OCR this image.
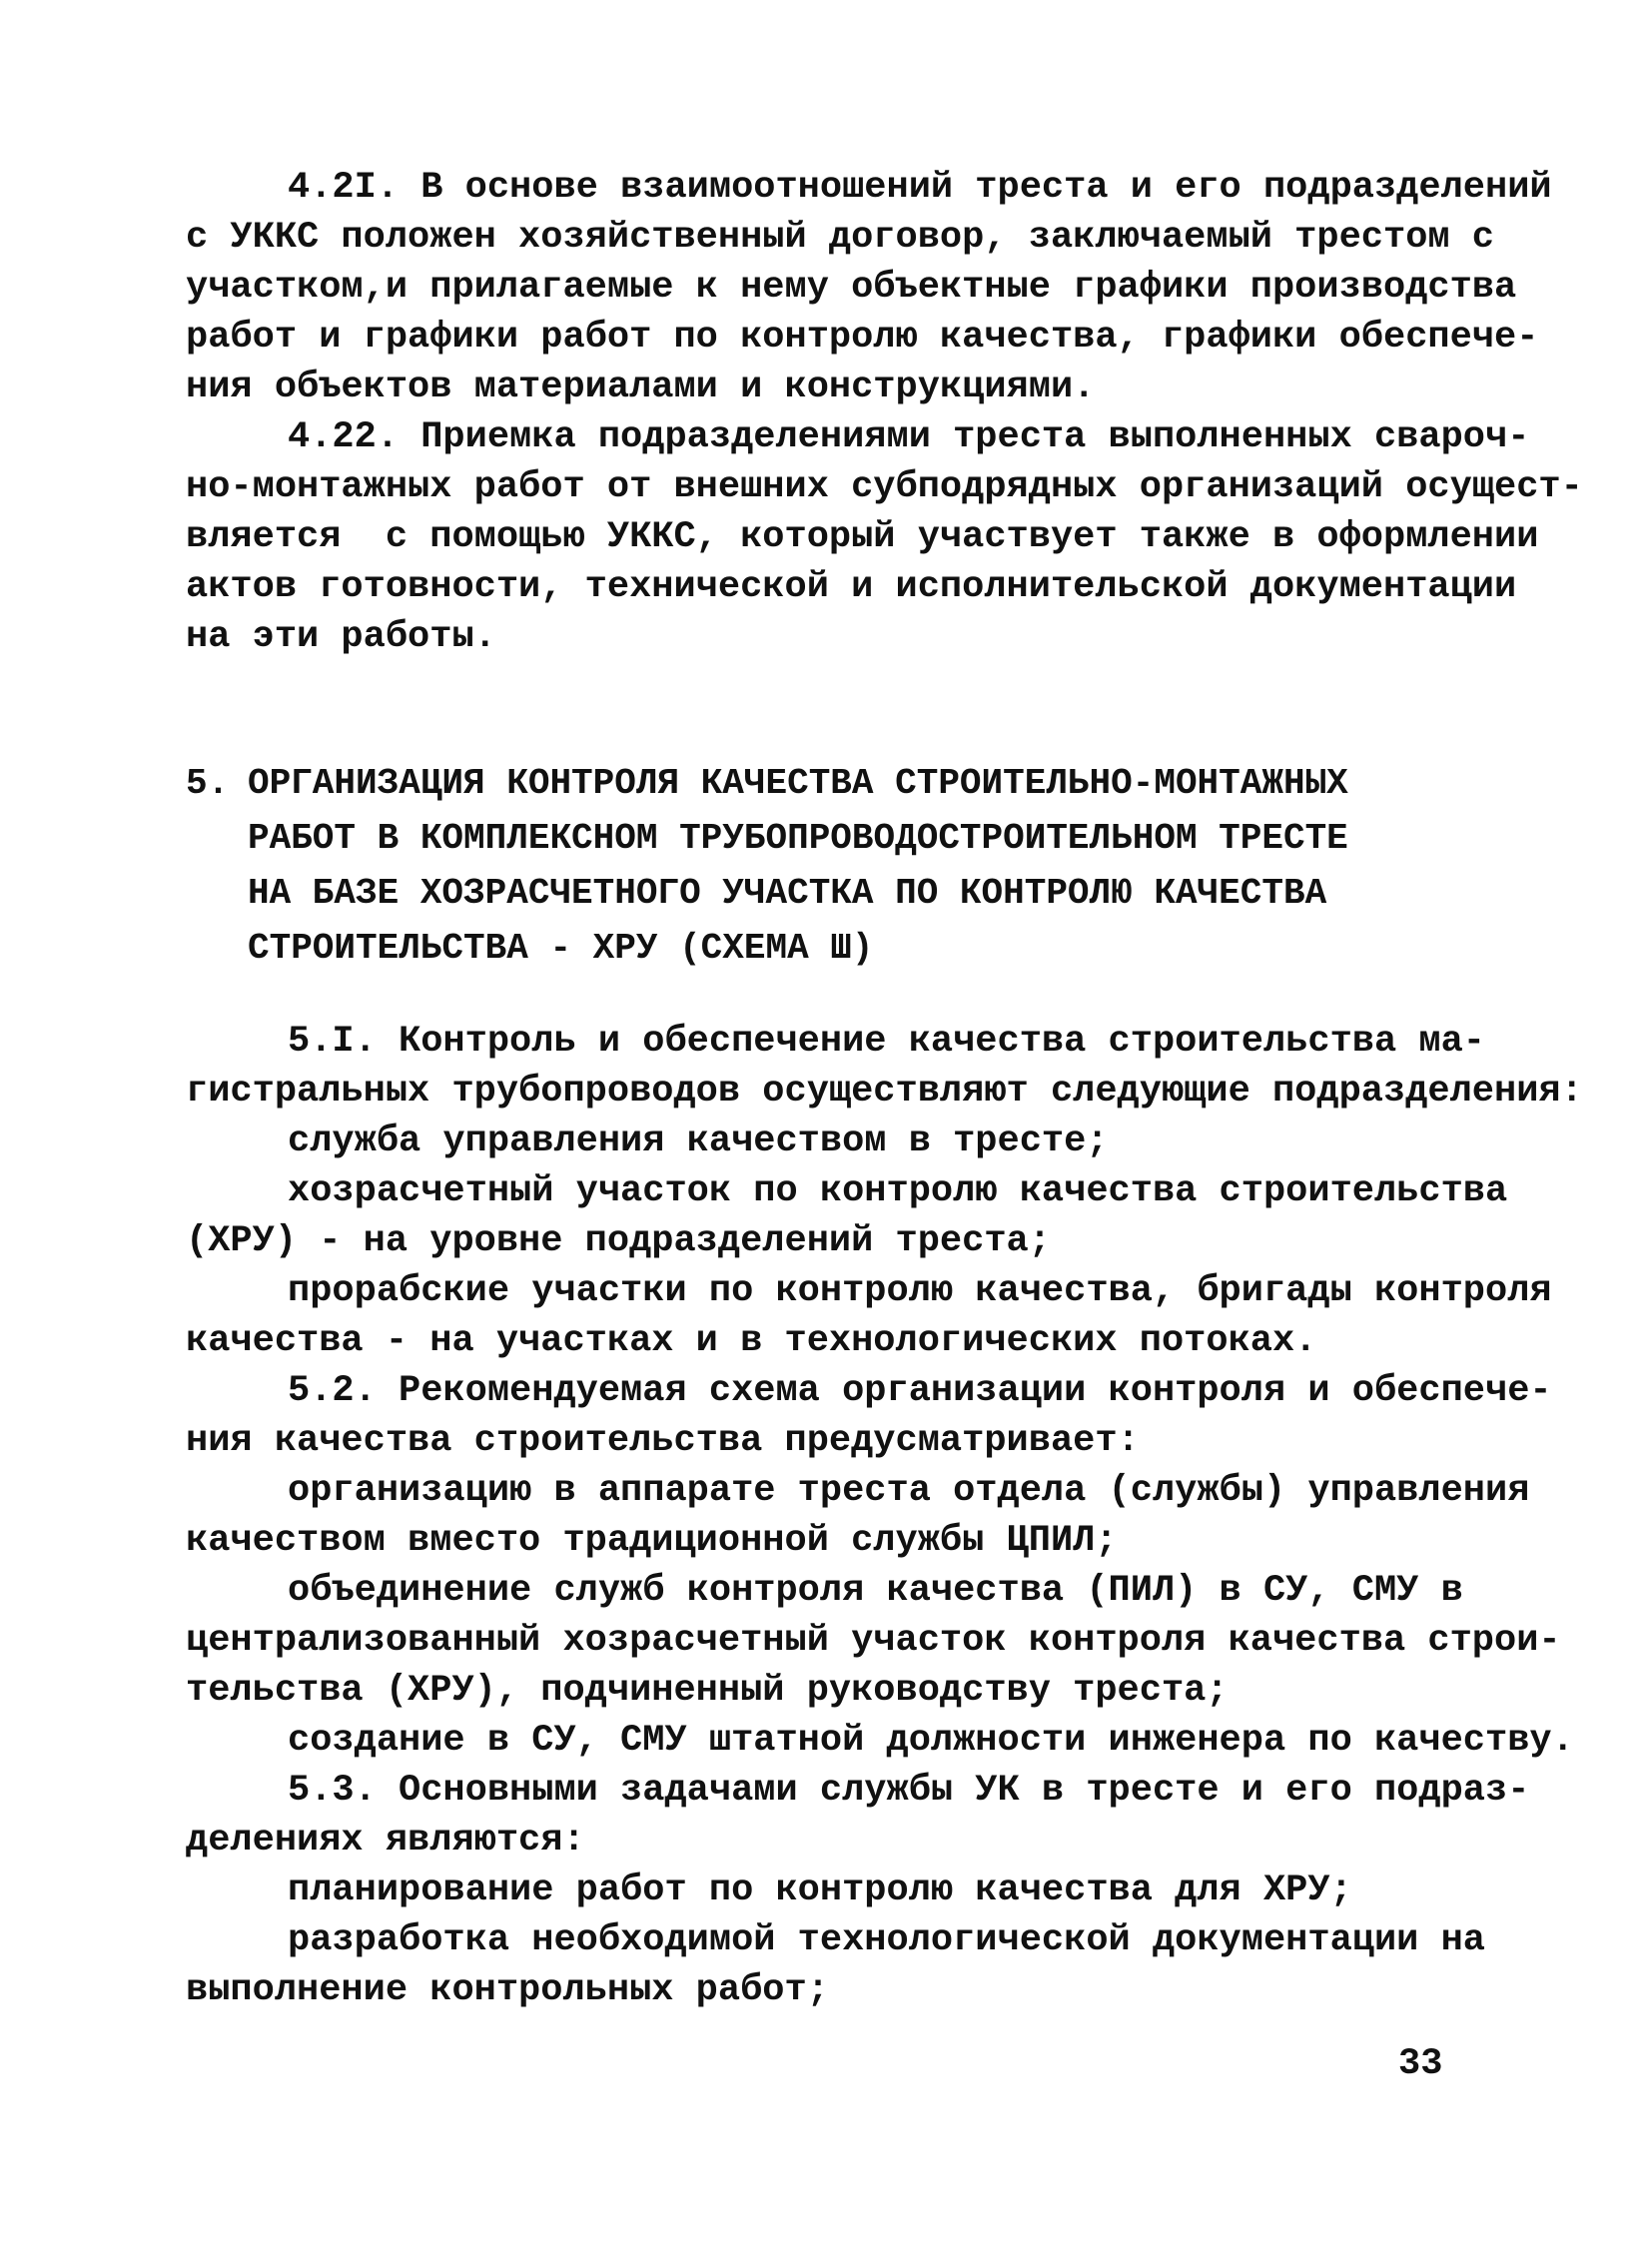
4.2I. В основе взаимоотношений треста и его подразделений
с УККС положен хозяйственный договор, заключаемый трестом с
участком,и прилагаемые к нему объектные графики производства
работ и графики работ по контролю качества, графики обеспече-
ния объектов материалами и конструкциями.
4.22. Приемка подразделениями треста выполненных свароч-
но-монтажных работ от внешних субподрядных организаций осущест-
вляется  с помощью УККС, который участвует также в оформлении
актов готовности, технической и исполнительской документации
на эти работы.
5. ОРГАНИЗАЦИЯ КОНТРОЛЯ КАЧЕСТВА СТРОИТЕЛЬНО-МОНТАЖНЫХ
РАБОТ В КОМПЛЕКСНОМ ТРУБОПРОВОДОСТРОИТЕЛЬНОМ ТРЕСТЕ
НА БАЗЕ ХОЗРАСЧЕТНОГО УЧАСТКА ПО КОНТРОЛЮ КАЧЕСТВА
СТРОИТЕЛЬСТВА - ХРУ (СХЕМА Ш)
5.I. Контроль и обеспечение качества строительства ма-
гистральных трубопроводов осуществляют следующие подразделения:
служба управления качеством в тресте;
хозрасчетный участок по контролю качества строительства
(ХРУ) - на уровне подразделений треста;
прорабские участки по контролю качества, бригады контроля
качества - на участках и в технологических потоках.
5.2. Рекомендуемая схема организации контроля и обеспече-
ния качества строительства предусматривает:
организацию в аппарате треста отдела (службы) управления
качеством вместо традиционной службы ЦПИЛ;
объединение служб контроля качества (ПИЛ) в СУ, СМУ в
централизованный хозрасчетный участок контроля качества строи-
тельства (ХРУ), подчиненный руководству треста;
создание в СУ, СМУ штатной должности инженера по качеству.
5.3. Основными задачами службы УК в тресте и его подраз-
делениях являются:
планирование работ по контролю качества для ХРУ;
разработка необходимой технологической документации на
выполнение контрольных работ;
33
